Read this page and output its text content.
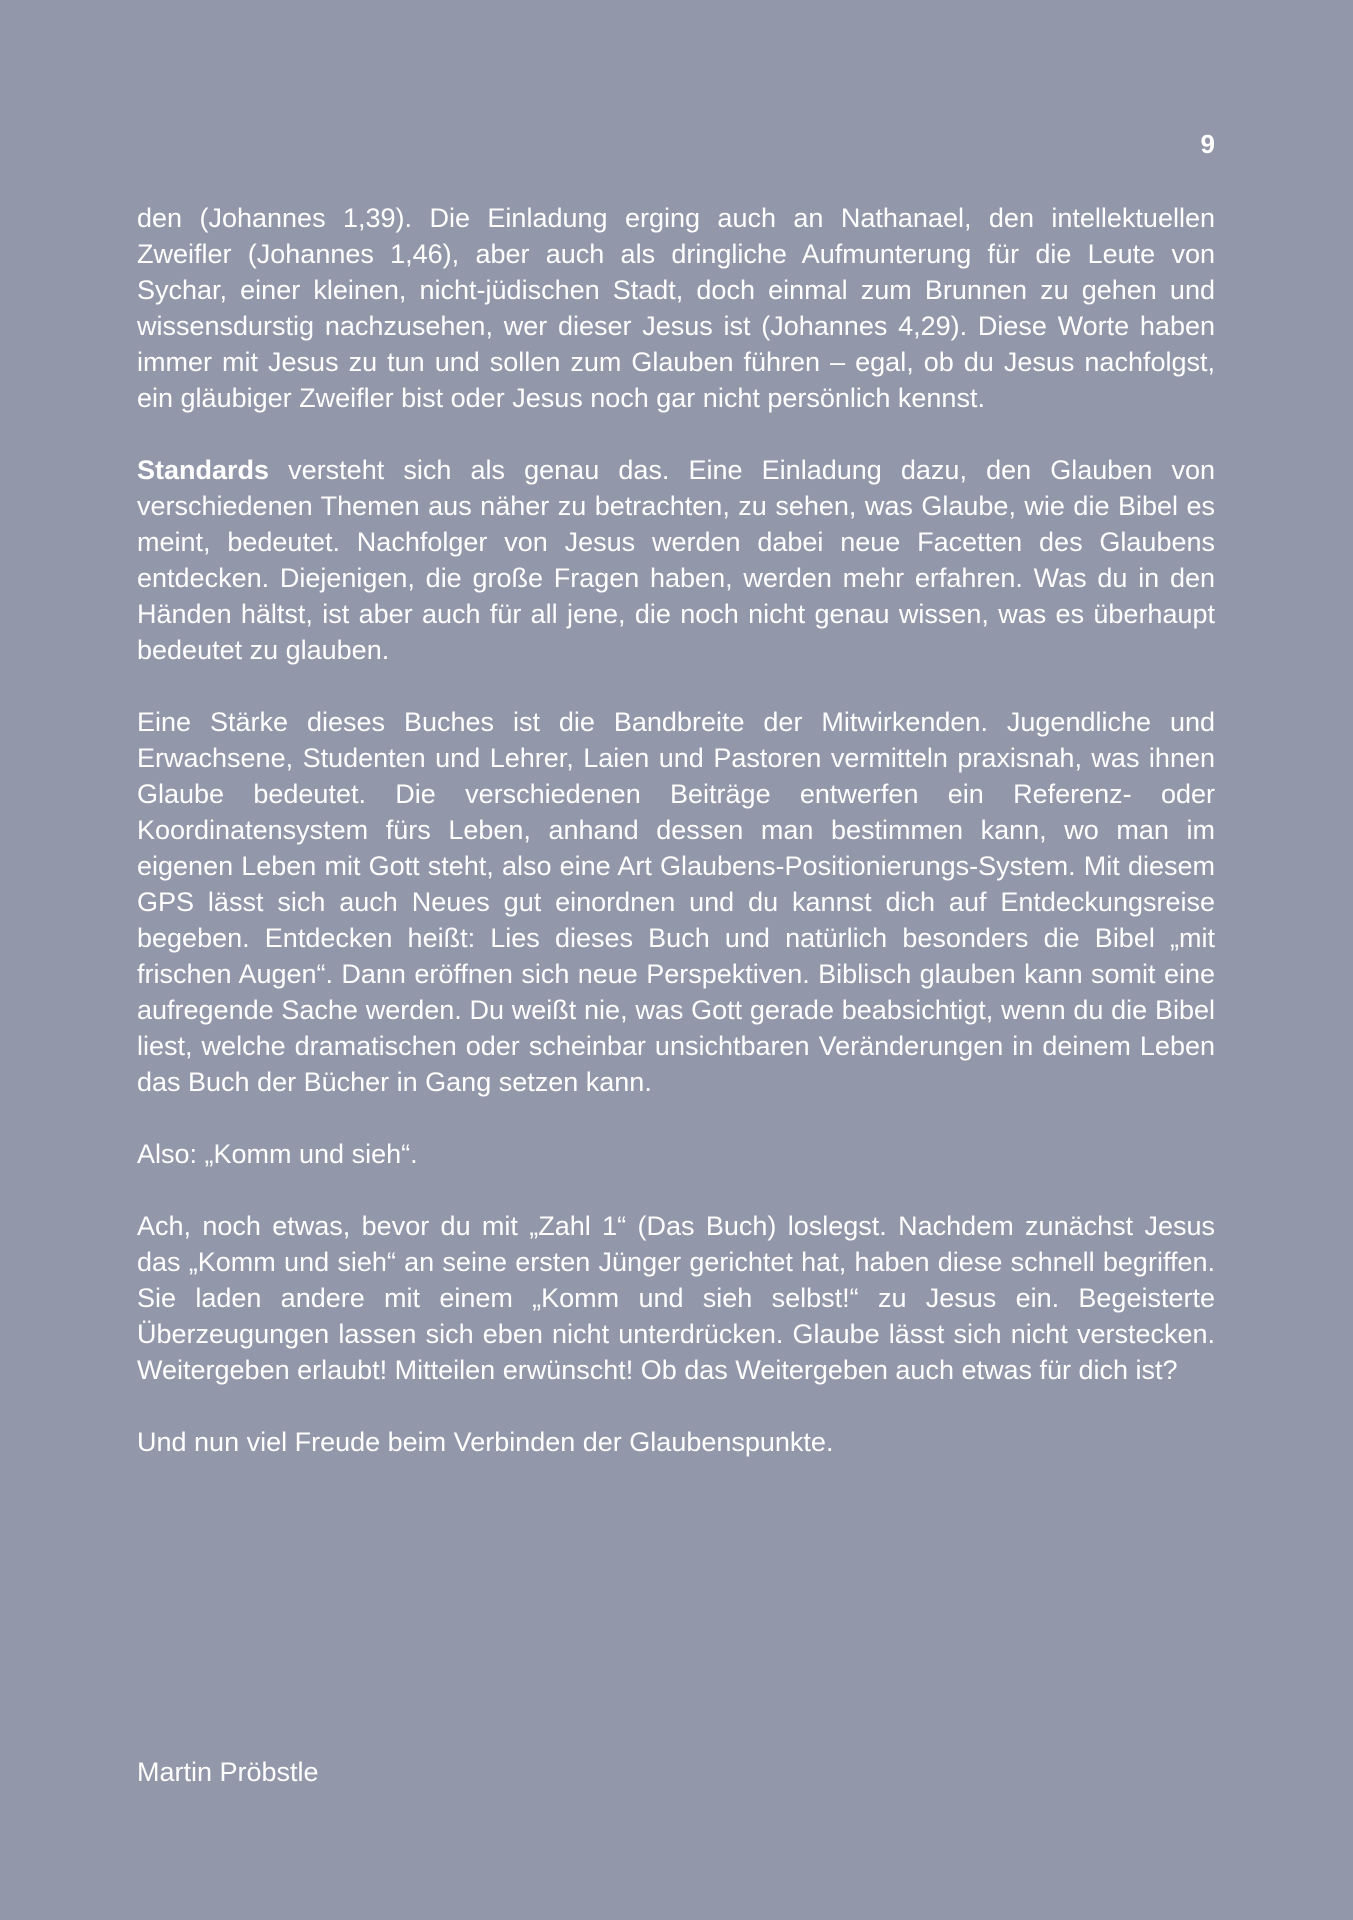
9

den (Johannes 1,39). Die Einladung erging auch an Nathanael, den intellektuellen Zweifler (Johannes 1,46), aber auch als dringliche Aufmunterung für die Leute von Sychar, einer kleinen, nicht-jüdischen Stadt, doch einmal zum Brunnen zu gehen und wissensdurstig nachzusehen, wer dieser Jesus ist (Johannes 4,29). Diese Worte haben immer mit Jesus zu tun und sollen zum Glauben führen – egal, ob du Jesus nachfolgst, ein gläubiger Zweifler bist oder Jesus noch gar nicht persönlich kennst.

Standards versteht sich als genau das. Eine Einladung dazu, den Glauben von verschiedenen Themen aus näher zu betrachten, zu sehen, was Glaube, wie die Bibel es meint, bedeutet. Nachfolger von Jesus werden dabei neue Facetten des Glaubens entdecken. Diejenigen, die große Fragen haben, werden mehr erfahren. Was du in den Händen hältst, ist aber auch für all jene, die noch nicht genau wissen, was es überhaupt bedeutet zu glauben.

Eine Stärke dieses Buches ist die Bandbreite der Mitwirkenden. Jugendliche und Erwachsene, Studenten und Lehrer, Laien und Pastoren vermitteln praxisnah, was ihnen Glaube bedeutet. Die verschiedenen Beiträge entwerfen ein Referenz- oder Koordinatensystem fürs Leben, anhand dessen man bestimmen kann, wo man im eigenen Leben mit Gott steht, also eine Art Glaubens-Positionierungs-System. Mit diesem GPS lässt sich auch Neues gut einordnen und du kannst dich auf Entdeckungsreise begeben. Entdecken heißt: Lies dieses Buch und natürlich besonders die Bibel „mit frischen Augen“. Dann eröffnen sich neue Perspektiven. Biblisch glauben kann somit eine aufregende Sache werden. Du weißt nie, was Gott gerade beabsichtigt, wenn du die Bibel liest, welche dramatischen oder scheinbar unsichtbaren Veränderungen in deinem Leben das Buch der Bücher in Gang setzen kann.

Also: „Komm und sieh“.

Ach, noch etwas, bevor du mit „Zahl 1“ (Das Buch) loslegst. Nachdem zunächst Jesus das „Komm und sieh“ an seine ersten Jünger gerichtet hat, haben diese schnell begriffen. Sie laden andere mit einem „Komm und sieh selbst!“ zu Jesus ein. Begeisterte Überzeugungen lassen sich eben nicht unterdrücken. Glaube lässt sich nicht verstecken. Weitergeben erlaubt! Mitteilen erwünscht! Ob das Weitergeben auch etwas für dich ist?

Und nun viel Freude beim Verbinden der Glaubenspunkte.

Martin Pröbstle
